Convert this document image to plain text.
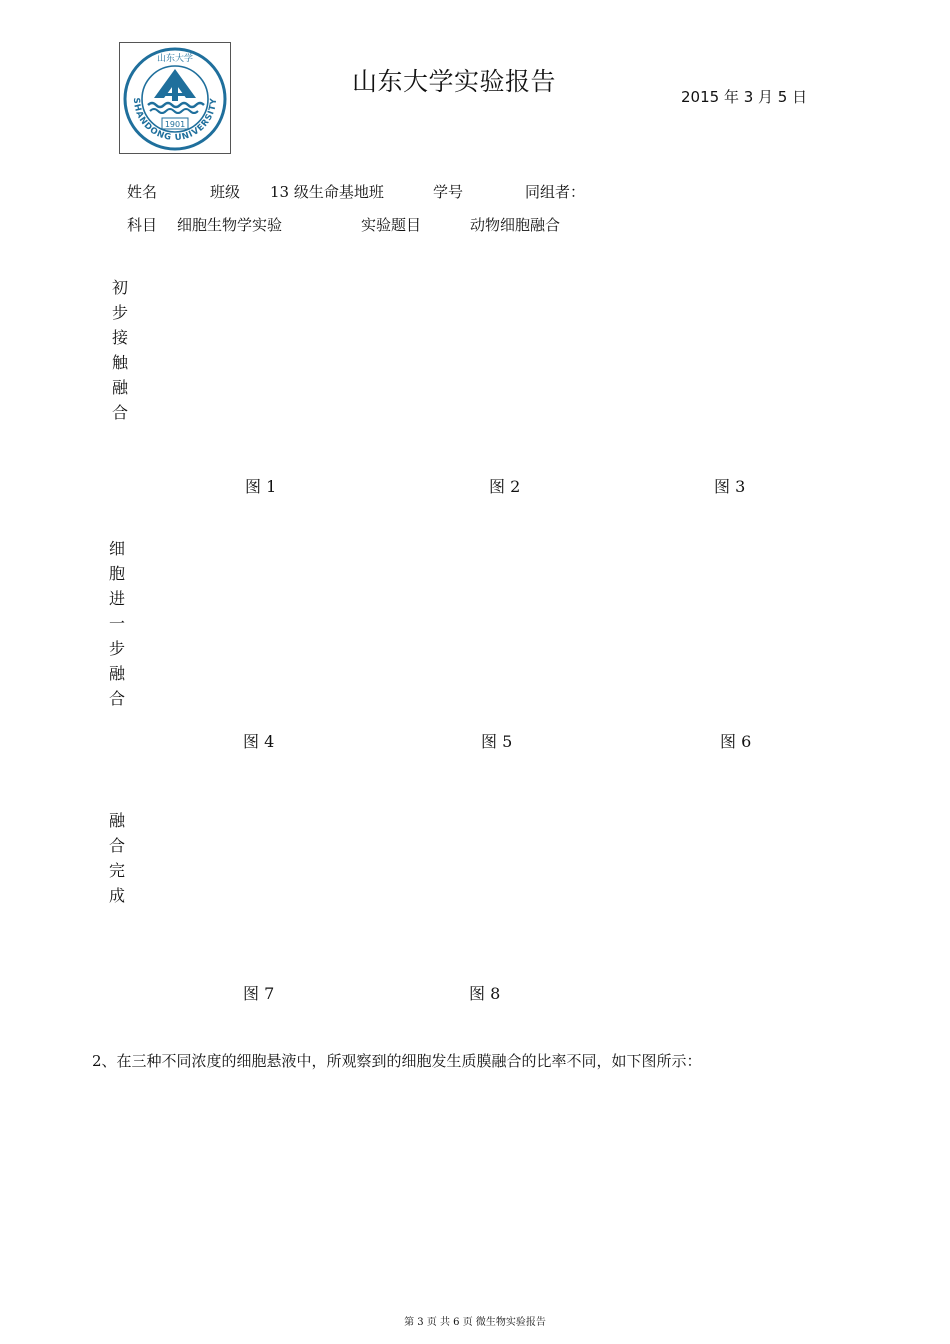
1901
山东大学
SHANDONG UNIVERSITY
山东大学实验报告
2015 年 3 月 5 日
姓名	班级 13 级生命基地班	学号	同组者：
科目 细胞生物学实验	实验题目	动物细胞融合
初步接触融合
图 1	图 2	图 3
细胞进一步融合
图 4	图 5	图 6
融合完成
图 7	图 8
2、在三种不同浓度的细胞悬液中，所观察到的细胞发生质膜融合的比率不同，如下图所示：
第 3 页 共 6 页 微生物实验报告
